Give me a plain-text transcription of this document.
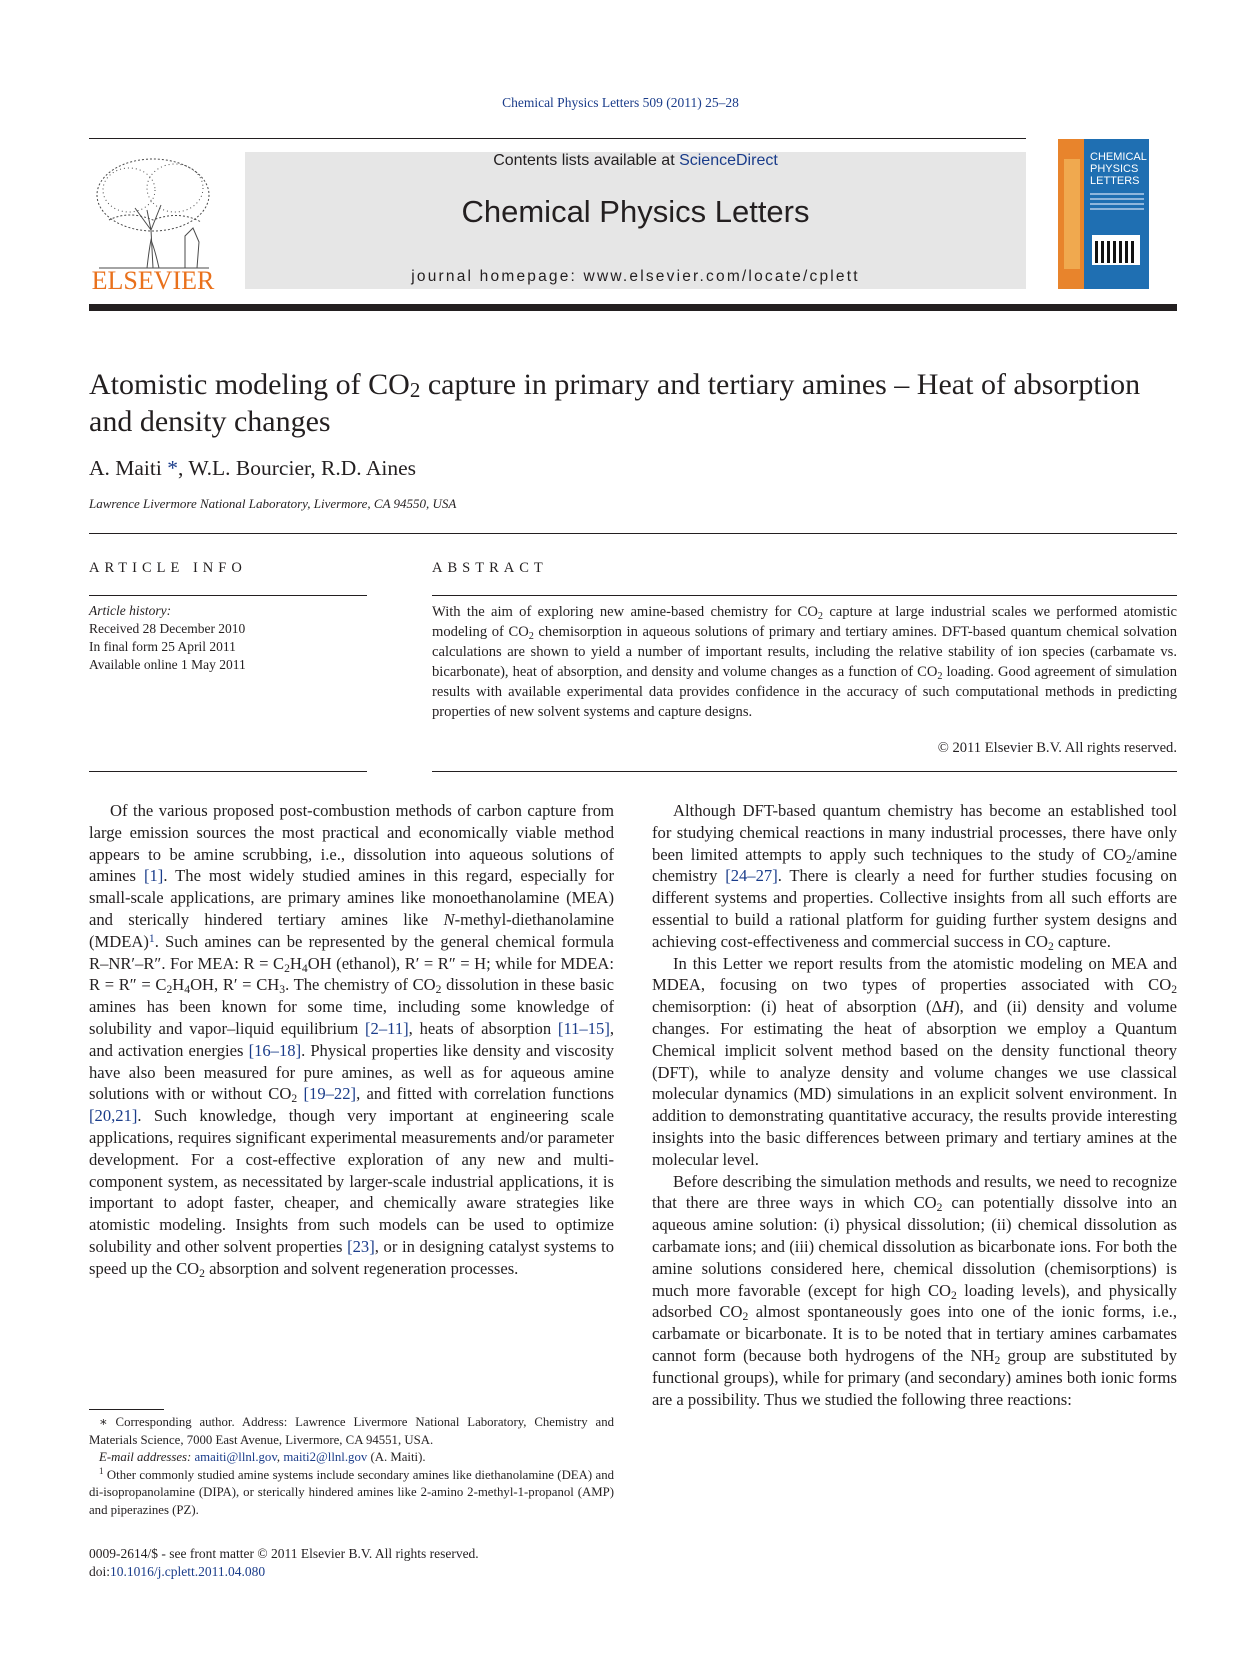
Chemical Physics Letters 509 (2011) 25–28
ELSEVIER
Contents lists available at ScienceDirect
Chemical Physics Letters
journal homepage: www.elsevier.com/locate/cplett
CHEMICAL PHYSICS LETTERS
Atomistic modeling of $CO_2$ capture in primary and tertiary amines – Heat of absorption and density changes
A. Maiti *, W.L. Bourcier, R.D. Aines
Lawrence Livermore National Laboratory, Livermore, CA 94550, USA
ARTICLE INFO	ABSTRACT
Article history:
Received 28 December 2010
In final form 25 April 2011
Available online 1 May 2011
With the aim of exploring new amine-based chemistry for $CO_2$ capture at large industrial scales we performed atomistic modeling of $CO_2$ chemisorption in aqueous solutions of primary and tertiary amines. DFT-based quantum chemical solvation calculations are shown to yield a number of important results, including the relative stability of ion species (carbamate vs. bicarbonate), heat of absorption, and density and volume changes as a function of $CO_2$ loading. Good agreement of simulation results with available experimental data provides confidence in the accuracy of such computational methods in predicting properties of new solvent systems and capture designs.
© 2011 Elsevier B.V. All rights reserved.

Of the various proposed post-combustion methods of carbon capture from large emission sources the most practical and economically viable method appears to be amine scrubbing, i.e., dissolution into aqueous solutions of amines [1]. The most widely studied amines in this regard, especially for small-scale applications, are primary amines like monoethanolamine (MEA) and sterically hindered tertiary amines like N-methyl-diethanolamine (MDEA)$^1$. Such amines can be represented by the general chemical formula R–NR′–R″. For MEA: $R = C_2H_4OH$ (ethanol), R′ = R″ = H; while for MDEA: $R = R'' = C_2H_4OH$, $R' = CH_3$. The chemistry of $CO_2$ dissolution in these basic amines has been known for some time, including some knowledge of solubility and vapor–liquid equilibrium [2–11], heats of absorption [11–15], and activation energies [16–18]. Physical properties like density and viscosity have also been measured for pure amines, as well as for aqueous amine solutions with or without $CO_2$ [19–22], and fitted with correlation functions [20,21]. Such knowledge, though very important at engineering scale applications, requires significant experimental measurements and/or parameter development. For a cost-effective exploration of any new and multi-component system, as necessitated by larger-scale industrial applications, it is important to adopt faster, cheaper, and chemically aware strategies like atomistic modeling. Insights from such models can be used to optimize solubility and other solvent properties [23], or in designing catalyst systems to speed up the $CO_2$ absorption and solvent regeneration processes.

∗ Corresponding author. Address: Lawrence Livermore National Laboratory, Chemistry and Materials Science, 7000 East Avenue, Livermore, CA 94551, USA.

E-mail addresses: amaiti@llnl.gov, maiti2@llnl.gov (A. Maiti).

$^1$ Other commonly studied amine systems include secondary amines like diethanolamine (DEA) and di-isopropanolamine (DIPA), or sterically hindered amines like 2-amino 2-methyl-1-propanol (AMP) and piperazines (PZ).

0009-2614/$ - see front matter © 2011 Elsevier B.V. All rights reserved.
doi:10.1016/j.cplett.2011.04.080

Although DFT-based quantum chemistry has become an established tool for studying chemical reactions in many industrial processes, there have only been limited attempts to apply such techniques to the study of $CO_2$/amine chemistry [24–27]. There is clearly a need for further studies focusing on different systems and properties. Collective insights from all such efforts are essential to build a rational platform for guiding further system designs and achieving cost-effectiveness and commercial success in $CO_2$ capture.

In this Letter we report results from the atomistic modeling on MEA and MDEA, focusing on two types of properties associated with $CO_2$ chemisorption: (i) heat of absorption (ΔH), and (ii) density and volume changes. For estimating the heat of absorption we employ a Quantum Chemical implicit solvent method based on the density functional theory (DFT), while to analyze density and volume changes we use classical molecular dynamics (MD) simulations in an explicit solvent environment. In addition to demonstrating quantitative accuracy, the results provide interesting insights into the basic differences between primary and tertiary amines at the molecular level.

Before describing the simulation methods and results, we need to recognize that there are three ways in which $CO_2$ can potentially dissolve into an aqueous amine solution: (i) physical dissolution; (ii) chemical dissolution as carbamate ions; and (iii) chemical dissolution as bicarbonate ions. For both the amine solutions considered here, chemical dissolution (chemisorptions) is much more favorable (except for high $CO_2$ loading levels), and physically adsorbed $CO_2$ almost spontaneously goes into one of the ionic forms, i.e., carbamate or bicarbonate. It is to be noted that in tertiary amines carbamates cannot form (because both hydrogens of the $NH_2$ group are substituted by functional groups), while for primary (and secondary) amines both ionic forms are a possibility. Thus we studied the following three reactions:
